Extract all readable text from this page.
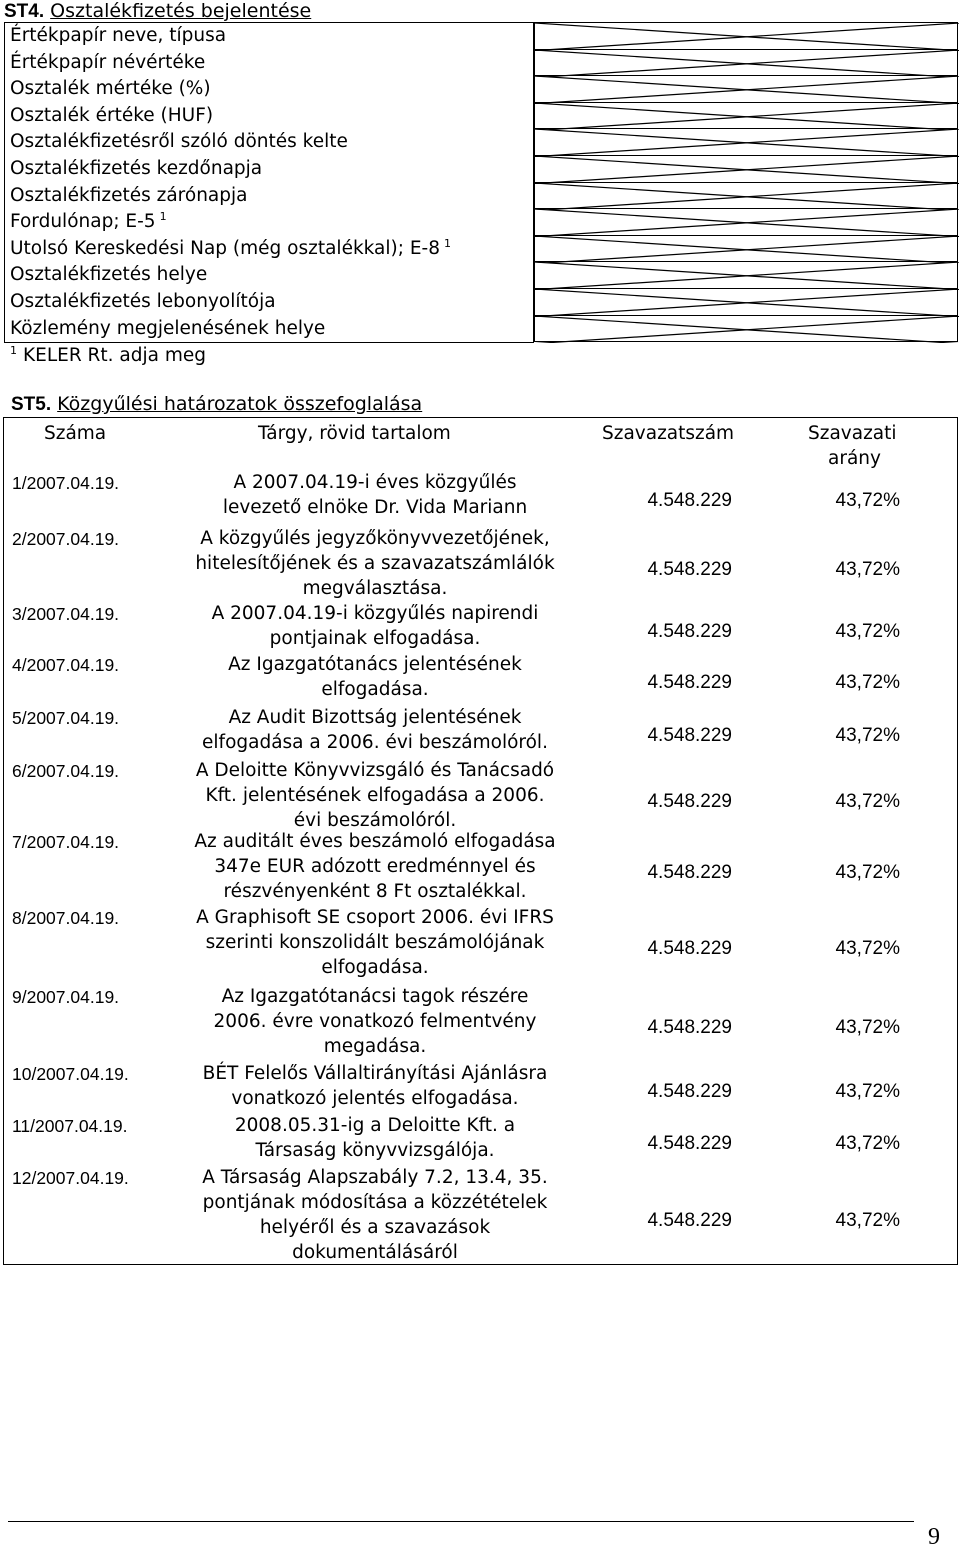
ST4. Osztalékfizetés bejelentése
Értékpapír neve, típusa
Értékpapír névértéke
Osztalék mértéke (%)
Osztalék értéke (HUF)
Osztalékfizetésről szóló döntés kelte
Osztalékfizetés kezdőnapja
Osztalékfizetés zárónapja
Fordulónap; E-5 $^1$
Utolsó Kereskedési Nap (még osztalékkal); E-8 $^1$
Osztalékfizetés helye
Osztalékfizetés lebonyolítója
Közlemény megjelenésének helye
$^1$ KELER Rt. adja meg
ST5. Közgyűlési határozatok összefoglalása
Száma	Tárgy, rövid tartalom	Szavazatszám	Szavazati
arány
1/2007.04.19.	A 2007.04.19-i éves közgyűlés
levezető elnöke Dr. Vida Mariann	4.548.229	43,72%
2/2007.04.19.	A közgyűlés jegyzőkönyvvezetőjének,
hitelesítőjének és a szavazatszámlálók
megválasztása.
4.548.229	43,72%
3/2007.04.19.	A 2007.04.19-i közgyűlés napirendi
pontjainak elfogadása.	4.548.229	43,72%
4/2007.04.19.	Az Igazgatótanács jelentésének
elfogadása.	4.548.229	43,72%
5/2007.04.19.	Az Audit Bizottság jelentésének
elfogadása a 2006. évi beszámolóról.	4.548.229	43,72%
6/2007.04.19.	A Deloitte Könyvvizsgáló és Tanácsadó
Kft. jelentésének elfogadása a 2006.
évi beszámolóról.
4.548.229	43,72%
7/2007.04.19.	Az auditált éves beszámoló elfogadása
347e EUR adózott eredménnyel és
részvényenként 8 Ft osztalékkal.
4.548.229	43,72%
8/2007.04.19.	A Graphisoft SE csoport 2006. évi IFRS
szerinti konszolidált beszámolójának
elfogadása.
4.548.229	43,72%
9/2007.04.19.	Az Igazgatótanácsi tagok részére
2006. évre vonatkozó felmentvény
megadása.
4.548.229	43,72%
10/2007.04.19.	BÉT Felelős Vállaltirányítási Ajánlásra
vonatkozó jelentés elfogadása.	4.548.229	43,72%
11/2007.04.19.	2008.05.31-ig a Deloitte Kft. a
Társaság könyvvizsgálója.	4.548.229	43,72%
12/2007.04.19.	A Társaság Alapszabály 7.2, 13.4, 35.
pontjának módosítása a közzétételek
helyéről és a szavazások
dokumentálásáról
4.548.229	43,72%
9
